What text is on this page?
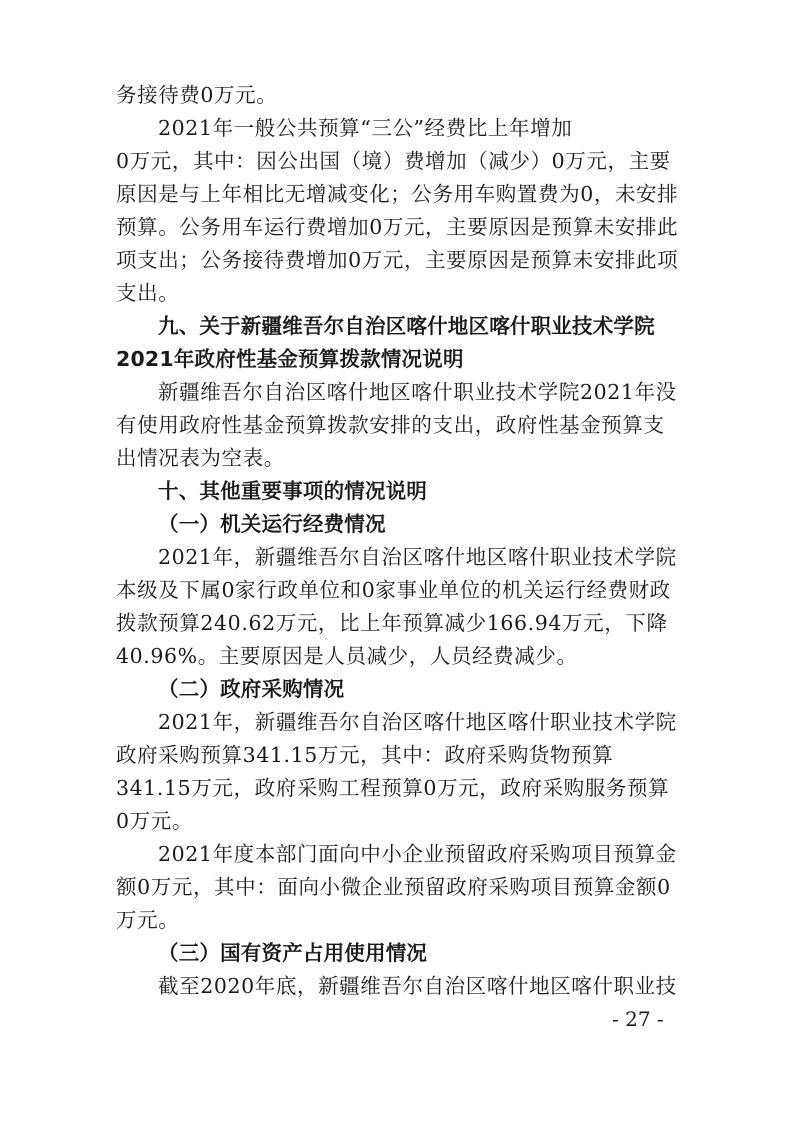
务接待费0万元。
2021年一般公共预算“三公”经费比上年增加
0万元，其中：因公出国（境）费增加（减少）0万元，主要
原因是与上年相比无增减变化；公务用车购置费为0，未安排
预算。公务用车运行费增加0万元，主要原因是预算未安排此
项支出；公务接待费增加0万元，主要原因是预算未安排此项
支出。
九、关于新疆维吾尔自治区喀什地区喀什职业技术学院
2021年政府性基金预算拨款情况说明
新疆维吾尔自治区喀什地区喀什职业技术学院2021年没
有使用政府性基金预算拨款安排的支出，政府性基金预算支
出情况表为空表。
十、其他重要事项的情况说明
（一）机关运行经费情况
2021年，新疆维吾尔自治区喀什地区喀什职业技术学院
本级及下属0家行政单位和0家事业单位的机关运行经费财政
拨款预算240.62万元，比上年预算减少166.94万元，下降
40.96%。主要原因是人员减少，人员经费减少。
（二）政府采购情况
2021年，新疆维吾尔自治区喀什地区喀什职业技术学院
政府采购预算341.15万元，其中：政府采购货物预算
341.15万元，政府采购工程预算0万元，政府采购服务预算
0万元。
2021年度本部门面向中小企业预留政府采购项目预算金
额0万元，其中：面向小微企业预留政府采购项目预算金额0
万元。
（三）国有资产占用使用情况
截至2020年底，新疆维吾尔自治区喀什地区喀什职业技
- 27 -
